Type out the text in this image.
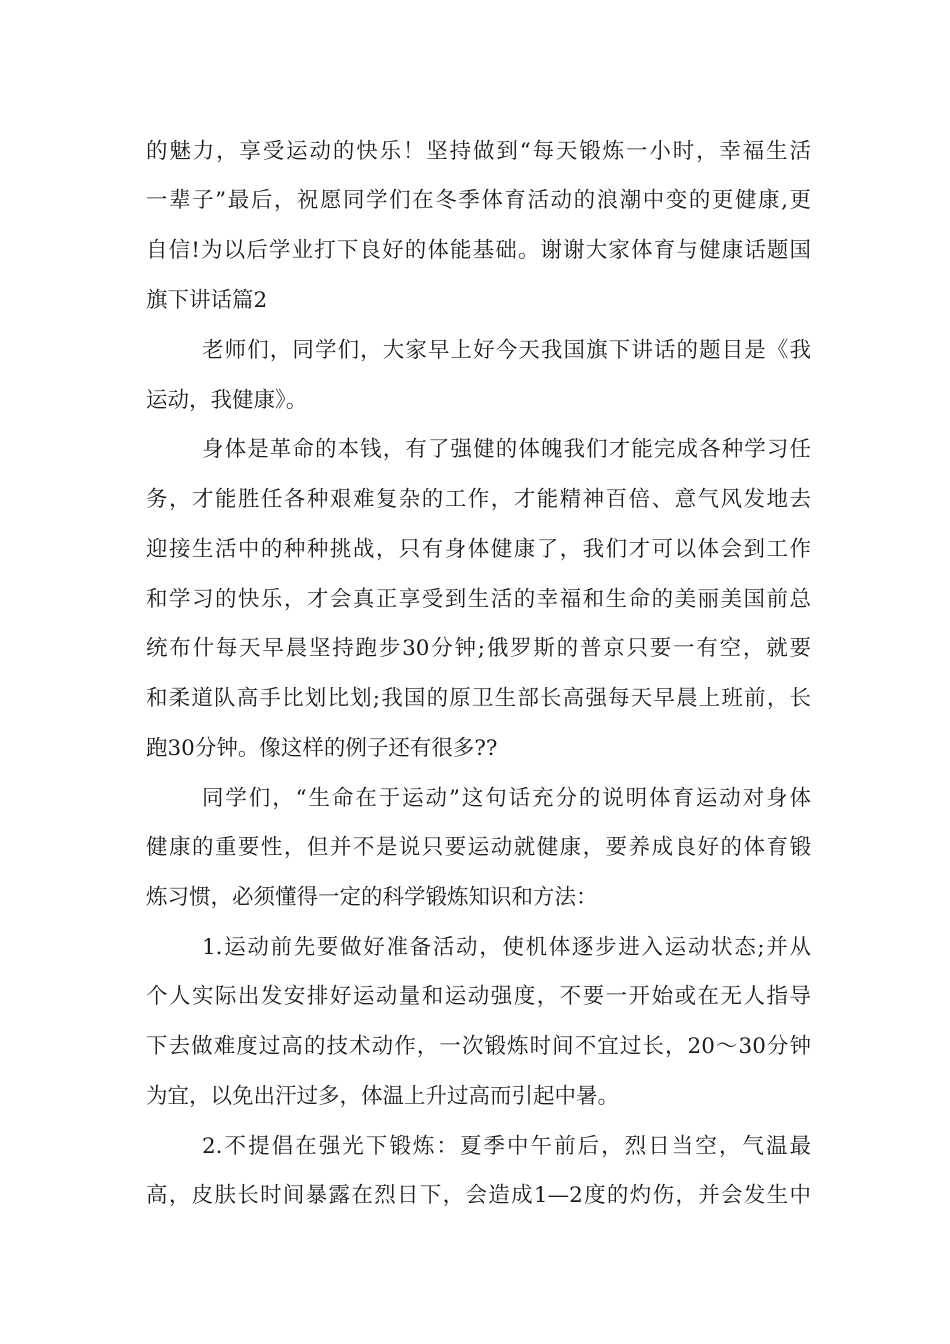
的魅力，享受运动的快乐！坚持做到“每天锻炼一小时，幸福生活
一辈子”最后，祝愿同学们在冬季体育活动的浪潮中变的更健康,更
自信!为以后学业打下良好的体能基础。谢谢大家体育与健康话题国
旗下讲话篇2
老师们，同学们，大家早上好今天我国旗下讲话的题目是《我
运动，我健康》。
身体是革命的本钱，有了强健的体魄我们才能完成各种学习任
务，才能胜任各种艰难复杂的工作，才能精神百倍、意气风发地去
迎接生活中的种种挑战，只有身体健康了，我们才可以体会到工作
和学习的快乐，才会真正享受到生活的幸福和生命的美丽美国前总
统布什每天早晨坚持跑步30分钟;俄罗斯的普京只要一有空，就要
和柔道队高手比划比划;我国的原卫生部长高强每天早晨上班前，长
跑30分钟。像这样的例子还有很多??
同学们，“生命在于运动”这句话充分的说明体育运动对身体
健康的重要性，但并不是说只要运动就健康，要养成良好的体育锻
炼习惯，必须懂得一定的科学锻炼知识和方法：
1.运动前先要做好准备活动，使机体逐步进入运动状态;并从
个人实际出发安排好运动量和运动强度，不要一开始或在无人指导
下去做难度过高的技术动作，一次锻炼时间不宜过长，20～30分钟
为宜，以免出汗过多，体温上升过高而引起中暑。
2.不提倡在强光下锻炼：夏季中午前后，烈日当空，气温最
高，皮肤长时间暴露在烈日下，会造成1—2度的灼伤，并会发生中
